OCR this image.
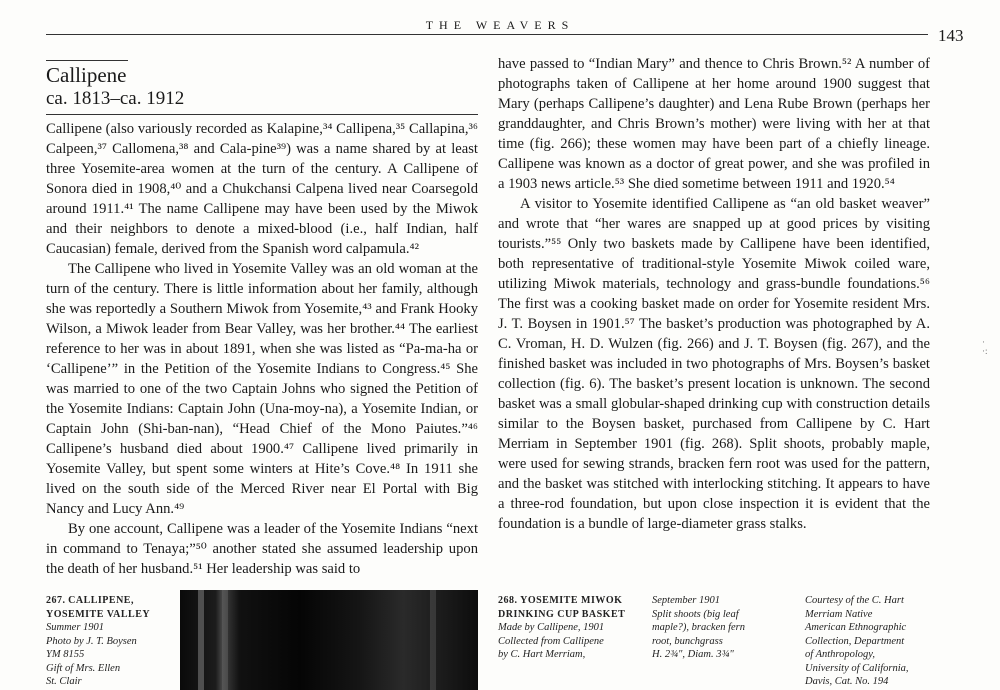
THE WEAVERS
143
Callipene
ca. 1813–ca. 1912

Callipene (also variously recorded as Kalapine,³⁴ Callipena,³⁵ Callapina,³⁶ Calpeen,³⁷ Callomena,³⁸ and Cala-pine³⁹) was a name shared by at least three Yosemite-area women at the turn of the century. A Callipene of Sonora died in 1908,⁴⁰ and a Chukchansi Calpena lived near Coarsegold around 1911.⁴¹ The name Callipene may have been used by the Miwok and their neighbors to denote a mixed-blood (i.e., half Indian, half Caucasian) female, derived from the Spanish word calpamula.⁴²

The Callipene who lived in Yosemite Valley was an old woman at the turn of the century. There is little information about her family, although she was reportedly a Southern Miwok from Yosemite,⁴³ and Frank Hooky Wilson, a Miwok leader from Bear Valley, was her brother.⁴⁴ The earliest reference to her was in about 1891, when she was listed as “Pa-ma-ha or ‘Callipene’” in the Petition of the Yosemite Indians to Congress.⁴⁵ She was married to one of the two Captain Johns who signed the Petition of the Yosemite Indians: Captain John (Una-moy-na), a Yosemite Indian, or Captain John (Shi-ban-nan), “Head Chief of the Mono Paiutes.”⁴⁶ Callipene’s husband died about 1900.⁴⁷ Callipene lived primarily in Yosemite Valley, but spent some winters at Hite’s Cove.⁴⁸ In 1911 she lived on the south side of the Merced River near El Portal with Big Nancy and Lucy Ann.⁴⁹

By one account, Callipene was a leader of the Yosemite Indians “next in command to Tenaya;”⁵⁰ another stated she assumed leadership upon the death of her husband.⁵¹ Her leadership was said to

have passed to “Indian Mary” and thence to Chris Brown.⁵² A number of photographs taken of Callipene at her home around 1900 suggest that Mary (perhaps Callipene’s daughter) and Lena Rube Brown (perhaps her granddaughter, and Chris Brown’s mother) were living with her at that time (fig. 266); these women may have been part of a chiefly lineage. Callipene was known as a doctor of great power, and she was profiled in a 1903 news article.⁵³ She died sometime between 1911 and 1920.⁵⁴

A visitor to Yosemite identified Callipene as “an old basket weaver” and wrote that “her wares are snapped up at good prices by visiting tourists.”⁵⁵ Only two baskets made by Callipene have been identified, both representative of traditional-style Yosemite Miwok coiled ware, utilizing Miwok materials, technology and grass-bundle foundations.⁵⁶ The first was a cooking basket made on order for Yosemite resident Mrs. J. T. Boysen in 1901.⁵⁷ The basket’s production was photographed by A. C. Vroman, H. D. Wulzen (fig. 266) and J. T. Boysen (fig. 267), and the finished basket was included in two photographs of Mrs. Boysen’s basket collection (fig. 6). The basket’s present location is unknown. The second basket was a small globular-shaped drinking cup with construction details similar to the Boysen basket, purchased from Callipene by C. Hart Merriam in September 1901 (fig. 268). Split shoots, probably maple, were used for sewing strands, bracken fern root was used for the pattern, and the basket was stitched with interlocking stitching. It appears to have a three-rod foundation, but upon close inspection it is evident that the foundation is a bundle of large-diameter grass stalks.

267. CALLIPENE,
YOSEMITE VALLEY
Summer 1901
Photo by J. T. Boysen
YM 8155
Gift of Mrs. Ellen
St. Clair
268. YOSEMITE MIWOK
DRINKING CUP BASKET
Made by Callipene, 1901
Collected from Callipene
by C. Hart Merriam,
September 1901
Split shoots (big leaf
maple?), bracken fern
root, bunchgrass
H. 2¾", Diam. 3¾"
Courtesy of the C. Hart
Merriam Native
American Ethnographic
Collection, Department
of Anthropology,
University of California,
Davis, Cat. No. 194
·
·:
